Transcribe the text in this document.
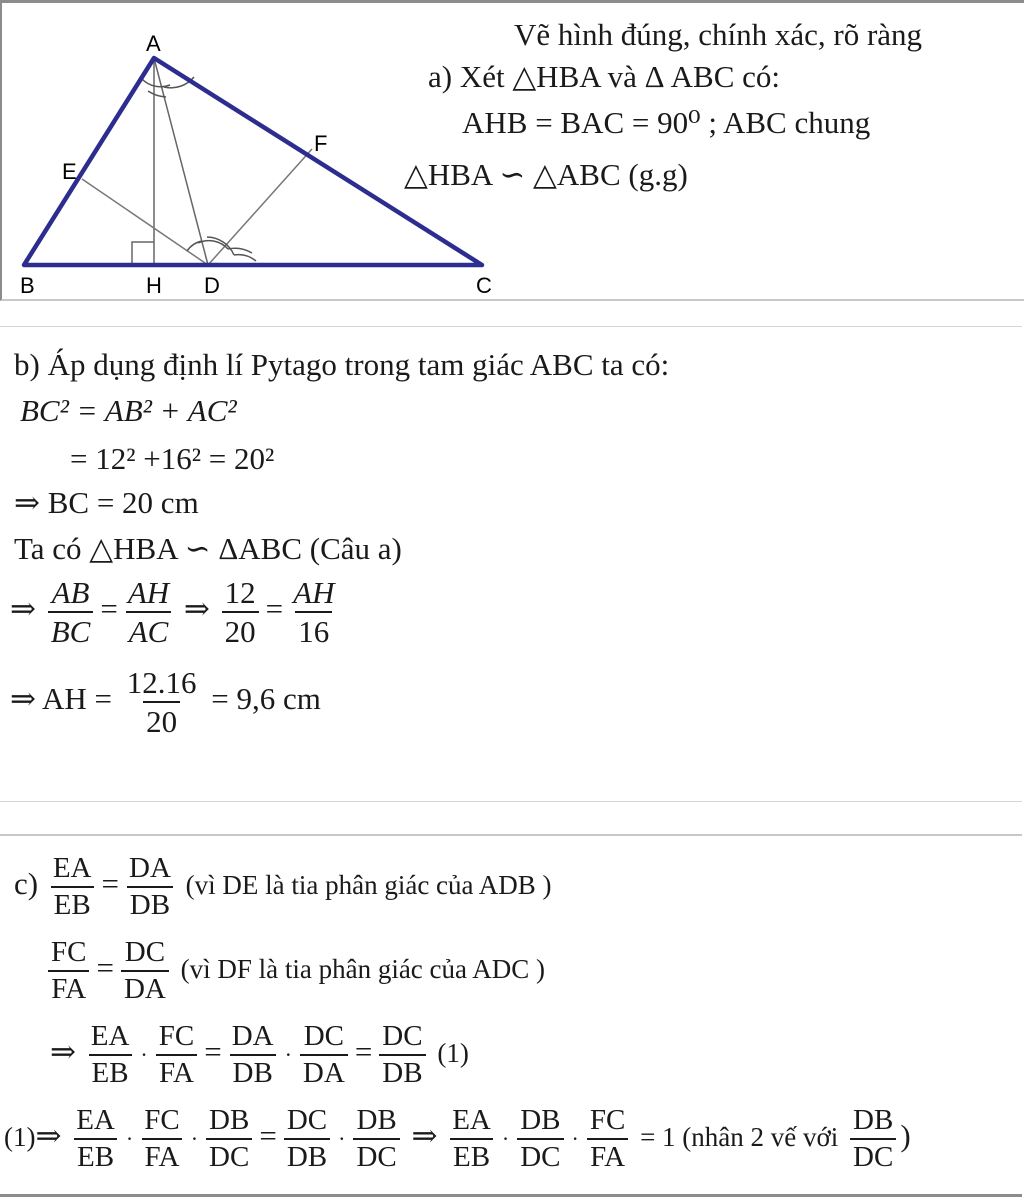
A
E
F
B	H D	C
Vẽ hình đúng, chính xác, rõ ràng
a) Xét △HBA và Δ ABC có:
AHB = BAC = 90⁰ ; ABC chung
△HBA ∽ △ABC (g.g)
b) Áp dụng định lí Pytago trong tam giác ABC ta có:
BC² = AB² + AC²
= 12² +16² = 20²
⇒ BC = 20 cm
Ta có △HBA ∽ ΔABC (Câu a)
⇒ $\frac{AB}{BC} = \frac{AH}{AC}$ ⇒ $\frac{12}{20} = \frac{AH}{16}$
⇒ AH = $\frac{12.16}{20} = 9,6$ cm
$c) \frac{EA}{EB} = \frac{DA}{DB}$ (vì DE là tia phân giác của ADB )
$\frac{FC}{FA} = \frac{DC}{DA}$ (vì DF là tia phân giác của ADC )
⇒ $\frac{EA}{EB} \cdot \frac{FC}{FA} = \frac{DA}{DB} \cdot \frac{DC}{DA} = \frac{DC}{DB} (1)$
(1)⇒ $\frac{EA}{EB} \cdot \frac{FC}{FA} \cdot \frac{DB}{DC} = \frac{DC}{DB} \cdot \frac{DB}{DC}$ ⇒ $\frac{EA}{EB} \cdot \frac{DB}{DC} \cdot \frac{FC}{FA} = 1$ (nhân 2 vế với $\frac{DB}{DC}$ )
